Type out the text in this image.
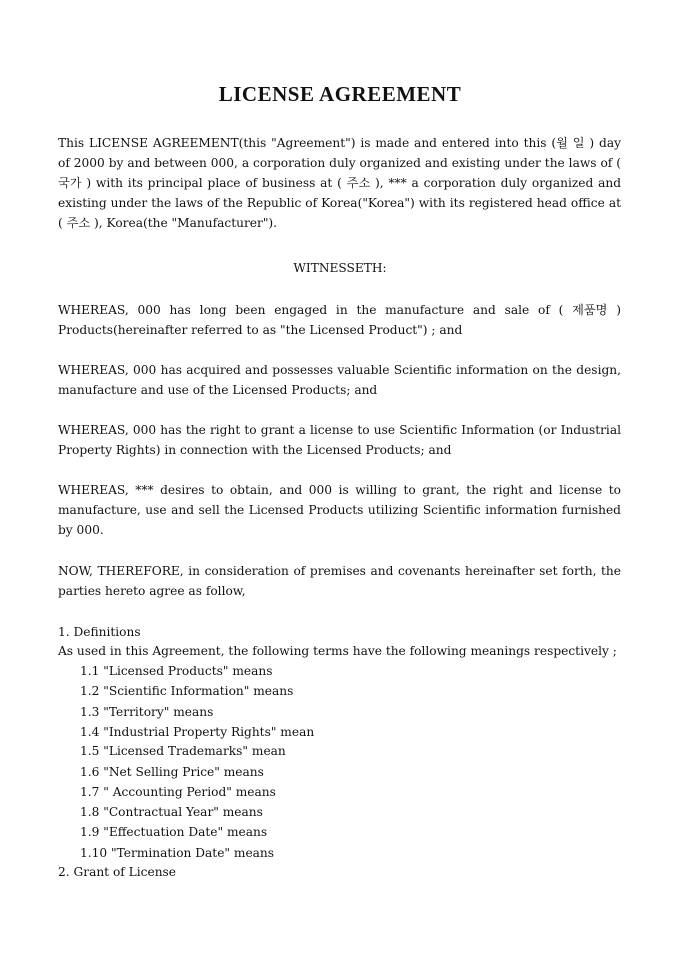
LICENSE AGREEMENT

This LICENSE AGREEMENT(this "Agreement") is made and entered into this (월 일 ) day of 2000 by and between 000, a corporation duly organized and existing under the laws of ( 국가 ) with its principal place of business at ( 주소 ), *** a corporation duly organized and existing under the laws of the Republic of Korea("Korea") with its registered head office at ( 주소 ), Korea(the "Manufacturer").

WITNESSETH:

WHEREAS, 000 has long been engaged in the manufacture and sale of ( 제품명 ) Products(hereinafter referred to as "the Licensed Product") ; and

WHEREAS, 000 has acquired and possesses valuable Scientific information on the design, manufacture and use of the Licensed Products; and

WHEREAS, 000 has the right to grant a license to use Scientific Information (or Industrial Property Rights) in connection with the Licensed Products; and

WHEREAS, *** desires to obtain, and 000 is willing to grant, the right and license to manufacture, use and sell the Licensed Products utilizing Scientific information furnished by 000.

NOW, THEREFORE, in consideration of premises and covenants hereinafter set forth, the parties hereto agree as follow,

1. Definitions

As used in this Agreement, the following terms have the following meanings respectively ;

1.1 "Licensed Products" means

1.2 "Scientific Information" means

1.3 "Territory" means

1.4 "Industrial Property Rights" mean

1.5 "Licensed Trademarks" mean

1.6 "Net Selling Price" means

1.7 " Accounting Period" means

1.8 "Contractual Year" means

1.9 "Effectuation Date" means

1.10 "Termination Date" means

2. Grant of License
